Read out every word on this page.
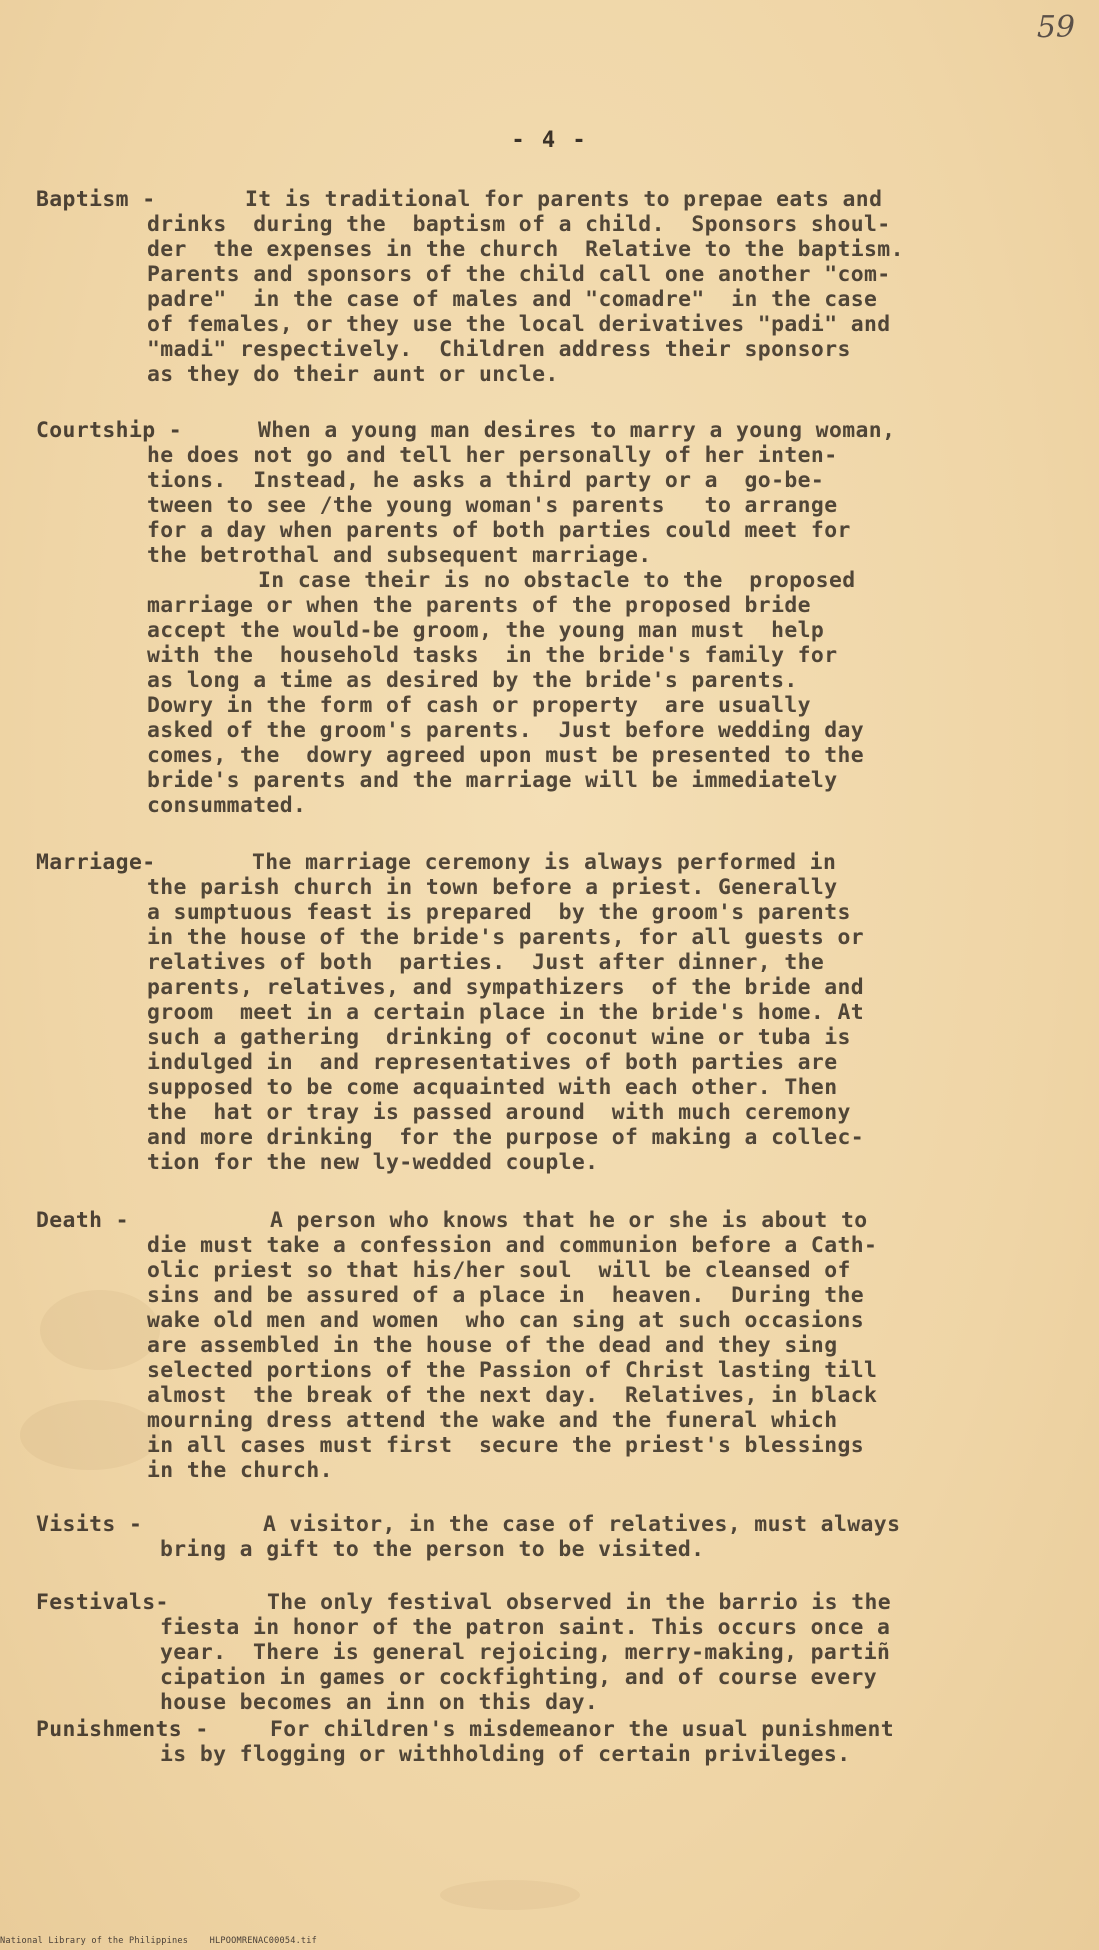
59
- 4 -
Baptism -	It is traditional for parents to prepae eats and
drinks  during the  baptism of a child.  Sponsors shoul-
der  the expenses in the church  Relative to the baptism.
Parents and sponsors of the child call one another "com-
padre"  in the case of males and "comadre"  in the case
of females, or they use the local derivatives "padi" and
"madi" respectively.  Children address their sponsors
as they do their aunt or uncle.
Courtship -	When a young man desires to marry a young woman,
he does not go and tell her personally of her inten-
tions.  Instead, he asks a third party or a  go-be-
tween to see /the young woman's parents   to arrange
for a day when parents of both parties could meet for
the betrothal and subsequent marriage.
In case their is no obstacle to the  proposed
marriage or when the parents of the proposed bride
accept the would-be groom, the young man must  help
with the  household tasks  in the bride's family for
as long a time as desired by the bride's parents.
Dowry in the form of cash or property  are usually
asked of the groom's parents.  Just before wedding day
comes, the  dowry agreed upon must be presented to the
bride's parents and the marriage will be immediately
consummated.
Marriage-	The marriage ceremony is always performed in
the parish church in town before a priest. Generally
a sumptuous feast is prepared  by the groom's parents
in the house of the bride's parents, for all guests or
relatives of both  parties.  Just after dinner, the
parents, relatives, and sympathizers  of the bride and
groom  meet in a certain place in the bride's home. At
such a gathering  drinking of coconut wine or tuba is
indulged in  and representatives of both parties are
supposed to be come acquainted with each other. Then
the  hat or tray is passed around  with much ceremony
and more drinking  for the purpose of making a collec-
tion for the new ly-wedded couple.
Death -	A person who knows that he or she is about to
die must take a confession and communion before a Cath-
olic priest so that his/her soul  will be cleansed of
sins and be assured of a place in  heaven.  During the
wake old men and women  who can sing at such occasions
are assembled in the house of the dead and they sing
selected portions of the Passion of Christ lasting till
almost  the break of the next day.  Relatives, in black
mourning dress attend the wake and the funeral which
in all cases must first  secure the priest's blessings
in the church.
Visits -	A visitor, in the case of relatives, must always
bring a gift to the person to be visited.
Festivals-	The only festival observed in the barrio is the
fiesta in honor of the patron saint. This occurs once a
year.  There is general rejoicing, merry-making, partiñ
cipation in games or cockfighting, and of course every
house becomes an inn on this day.
Punishments -	For children's misdemeanor the usual punishment
is by flogging or withholding of certain privileges.
National Library of the Philippines    HLPOOMRENAC00054.tif
